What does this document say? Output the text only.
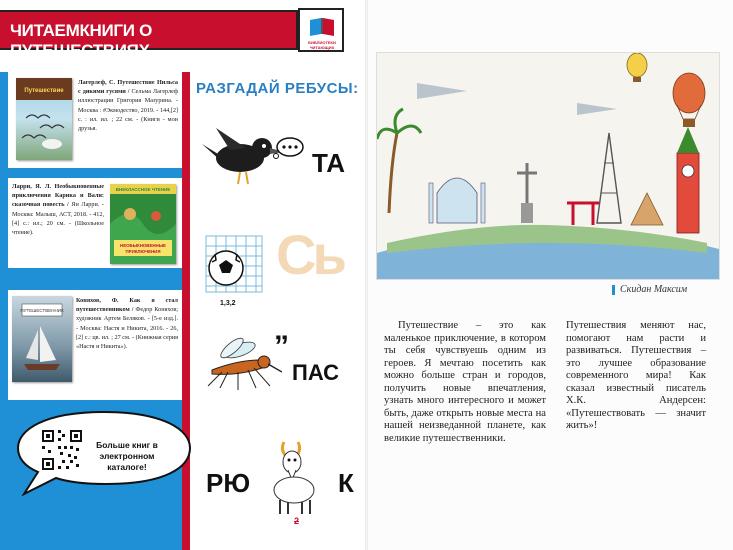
ЧИТАЕМКНИГИ О ПУТЕШЕСТВИЯХ	БИБЛИОТЕКИ ЧИТАЮЩИХ
Путешествие
Лагерлеф, С. Путешествие Нильса с дикими гусями / Сельма Лагерлеф иллюстрации Григория Мазурина. - Москва : #Экмодество, 2019. - 144,[2] с. : ил. ил. ; 22 см. - (Книги - мои друзья.
Ларри, Я. Л. Необыкновенные приключения Карика и Вали: сказочная повесть / Ян Ларри. - Москва: Малыш, АСТ, 2018. - 412, [4] с.: ил.; 20 см. - (Школьное чтение).
ВНЕКЛАССНОЕ ЧТЕНИЕ
НЕОБЫКНОВЕННЫЕ
ПРИКЛЮЧЕНИЯ
ПУТЕШЕСТВЕННИК
Коняхов, Ф. Как я стал путешественником / Федор Коняхов; художник Артем Беляков. - [5-е изд.]. - Москва: Настя и Никита, 2016. - 26,[2] с.: цв. ил. ; 27 см. - (Книжная серия «Настя и Никита»).
Больше книг в электронном каталоге!
РАЗГАДАЙ РЕБУСЫ:
ТА
1,3,2
Сь
”
ПАС
РЮ
2
К
Скидан Максим
Путешествие – это как маленькое приключение, в котором ты себя чувствуешь одним из героев. Я мечтаю посетить как можно больше стран и городов, получить новые впечатления, узнать много интересного и может быть, даже открыть новые места на нашей неизведанной планете, как великие путешественники.
Путешествия меняют нас, помогают нам расти и развиваться. Путешествия – это лучшее образование современного мира! Как сказал известный писатель Х.К. Андерсен: «Путешествовать — значит жить»!
